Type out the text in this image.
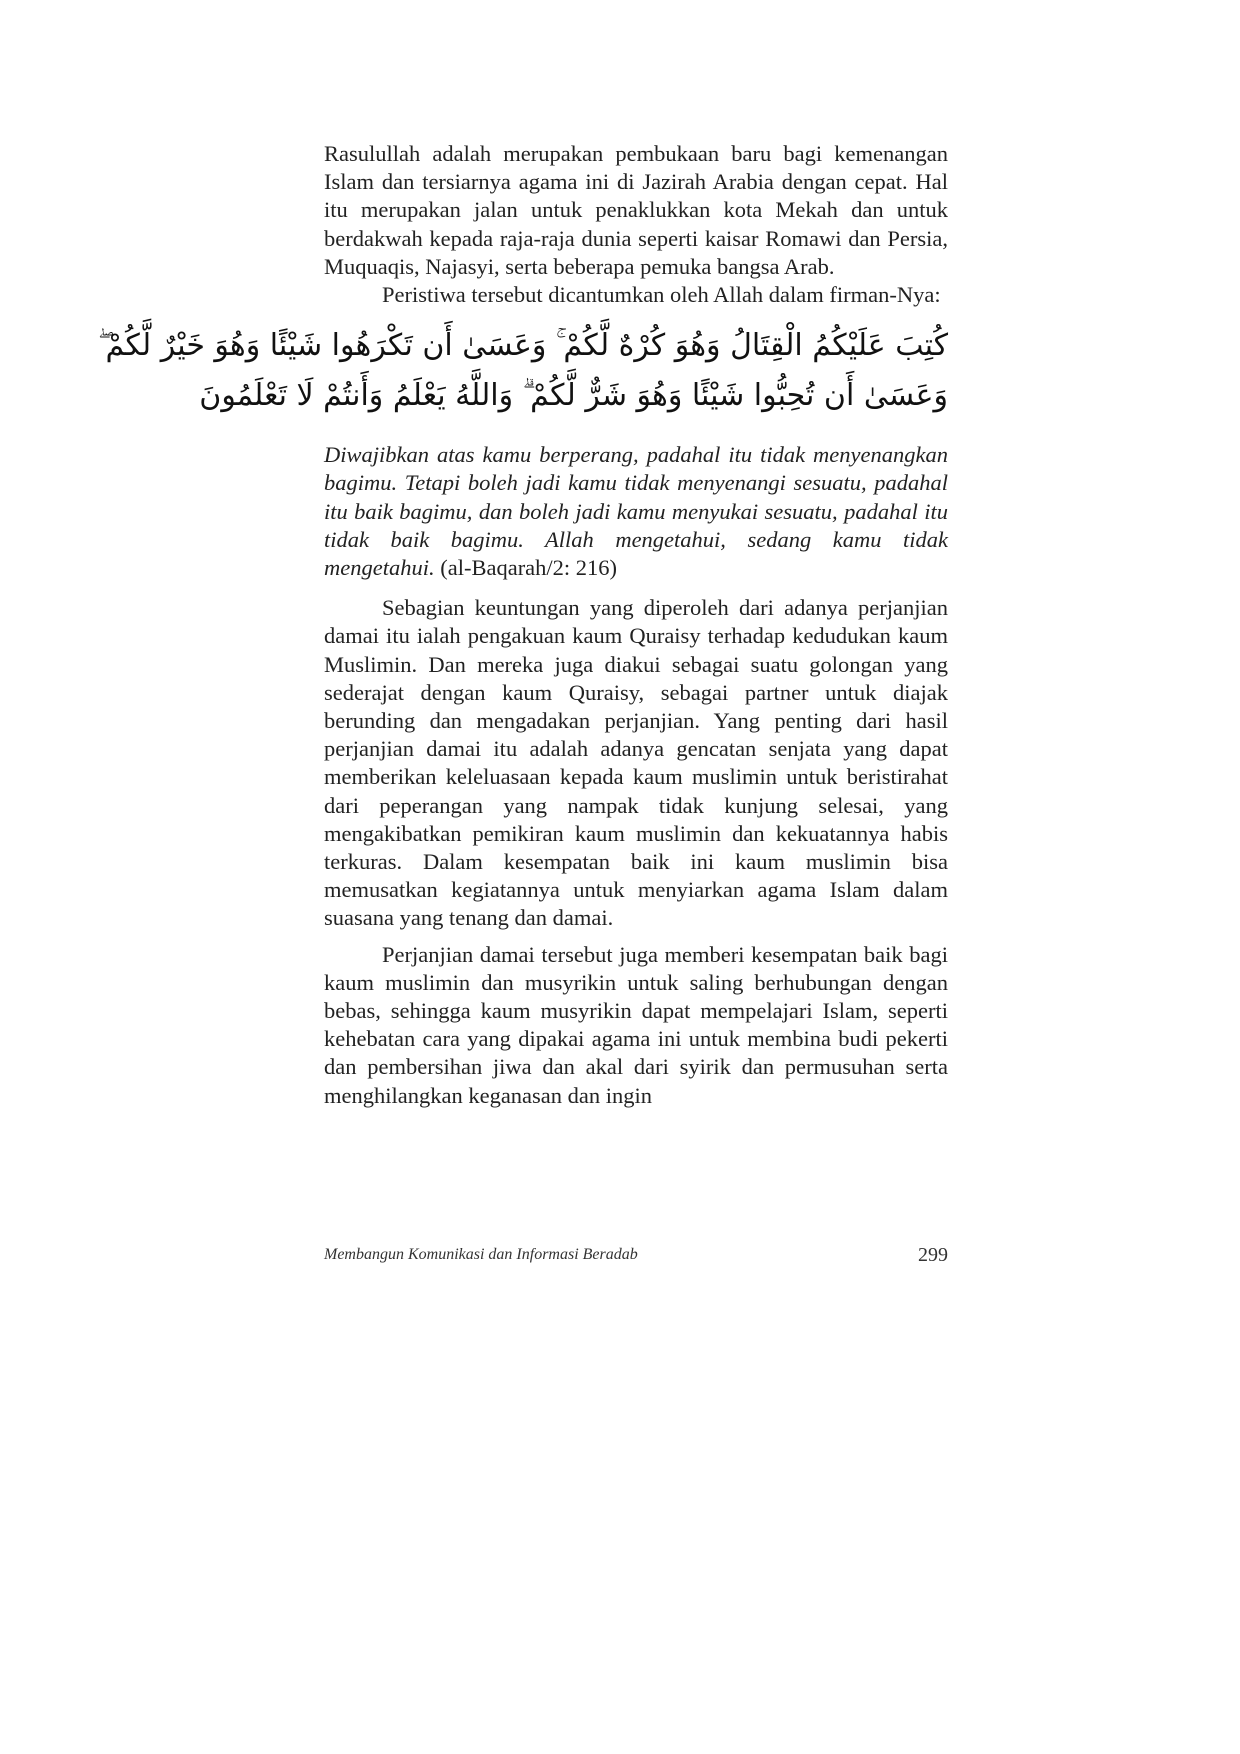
Rasulullah adalah merupakan pembukaan baru bagi kemenangan Islam dan tersiarnya agama ini di Jazirah Arabia dengan cepat. Hal itu merupakan jalan untuk penaklukkan kota Mekah dan untuk berdakwah kepada raja-raja dunia seperti kaisar Romawi dan Persia, Muquaqis, Najasyi, serta beberapa pemuka bangsa Arab.

Peristiwa tersebut dicantumkan oleh Allah dalam firman-Nya:

كُتِبَ عَلَيْكُمُ الْقِتَالُ وَهُوَ كُرْهٌ لَّكُمْ ۚ وَعَسَىٰ أَن تَكْرَهُوا شَيْئًا وَهُوَ خَيْرٌ لَّكُمْ ۖ
وَعَسَىٰ أَن تُحِبُّوا شَيْئًا وَهُوَ شَرٌّ لَّكُمْ ۗ وَاللَّهُ يَعْلَمُ وَأَنتُمْ لَا تَعْلَمُونَ

Diwajibkan atas kamu berperang, padahal itu tidak menyenangkan bagimu. Tetapi boleh jadi kamu tidak menyenangi sesuatu, padahal itu baik bagimu, dan boleh jadi kamu menyukai sesuatu, padahal itu tidak baik bagimu. Allah mengetahui, sedang kamu tidak mengetahui. (al-Baqarah/2: 216)

Sebagian keuntungan yang diperoleh dari adanya perjanjian damai itu ialah pengakuan kaum Quraisy terhadap kedudukan kaum Muslimin. Dan mereka juga diakui sebagai suatu golongan yang sederajat dengan kaum Quraisy, sebagai partner untuk diajak berunding dan mengadakan perjanjian. Yang penting dari hasil perjanjian damai itu adalah adanya gencatan senjata yang dapat memberikan keleluasaan kepada kaum muslimin untuk beristirahat dari peperangan yang nampak tidak kunjung selesai, yang mengakibatkan pemikiran kaum muslimin dan kekuatannya habis terkuras. Dalam kesempatan baik ini kaum muslimin bisa memusatkan kegiatannya untuk menyiarkan agama Islam dalam suasana yang tenang dan damai.

Perjanjian damai tersebut juga memberi kesempatan baik bagi kaum muslimin dan musyrikin untuk saling berhubungan dengan bebas, sehingga kaum musyrikin dapat mempelajari Islam, seperti kehebatan cara yang dipakai agama ini untuk membina budi pekerti dan pembersihan jiwa dan akal dari syirik dan permusuhan serta menghilangkan keganasan dan ingin

Membangun Komunikasi dan Informasi Beradab	299
